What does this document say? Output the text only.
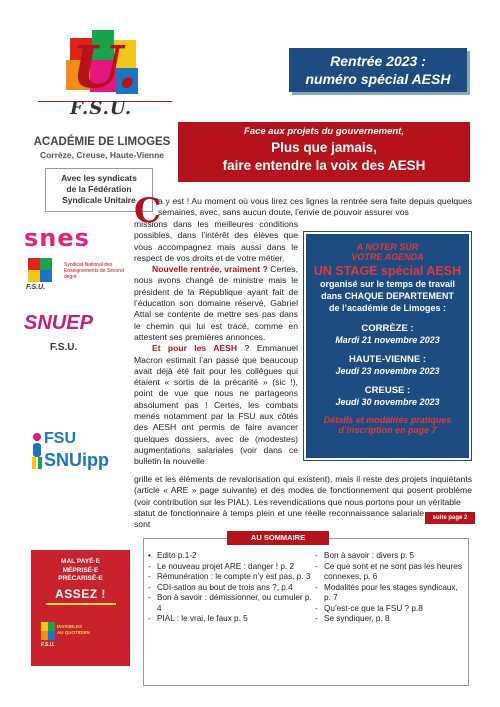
U.
F.S.U.
Rentrée 2023 :
numéro spécial AESH
ACADÉMIE DE LIMOGES
Corrèze, Creuse, Haute-Vienne
Avec les syndicats
de la Fédération
Syndicale Unitaire
snes
Syndicat National des Enseignements de Second degré
F.S.U.
SNUEP
F.S.U.
FSU
SNUipp
Face aux projets du gouvernement,
Plus que jamais,
faire entendre la voix des AESH
C
a y est ! Au moment où vous lirez ces lignes la rentrée sera faite depuis quelques semaines, avec, sans aucun doute, l’envie de pouvoir assurer vos
missions dans les meilleures conditions possibles, dans l’intérêt des élèves que vous accompagnez mais aussi dans le respect de vos droits et de votre métier.
Nouvelle rentrée, vraiment ? Certes, nous avons changé de ministre mais le président de la République ayant fait de l’éducation son domaine réservé, Gabriel Attal se contente de mettre ses pas dans le chemin qui lui est tracé, comme en attestent ses premières annonces.
Et pour les AESH ? Emmanuel Macron estimait l’an passé que beaucoup avait déjà été fait pour les collègues qui étaient « sortis de la précarité » (sic !), point de vue que nous ne partageons absolument pas ! Certes, les combats menés notamment par la FSU aux côtés des AESH ont permis de faire avancer quelques dossiers, avec de (modestes) augmentations salariales (voir dans ce bulletin la nouvelle
grille et les éléments de revalorisation qui existent), mais il reste des projets inquiétants (article « ARE » page suivante) et des modes de fonctionnement qui posent problème (voir contribution sur les PIAL). Les revendications que nous portons pour un véritable
statut de fonctionnaire à temps plein et une réelle reconnaissance salariale sont
suite page 2
A NOTER SUR
VOTRE AGENDA
UN STAGE spécial AESH
organisé sur le temps de travail
dans CHAQUE DEPARTEMENT
de l’académie de Limoges :
CORRÈZE :
Mardi 21 novembre 2023
HAUTE-VIENNE :
Jeudi 23 novembre 2023
CREUSE :
Jeudi 30 novembre 2023
Détails et modalités pratiques
d’inscription en page 7
MAL PAYÉ·E
MÉPRISÉ·E
PRÉCARISÉ·E
ASSEZ !
INVISIBLES
AU QUOTIDIEN
F.S.U.
• Edito p.1-2
- Le nouveau projet ARE : danger ! p. 2
- Rémunération : le compte n’y est pas, p. 3
- CDI-sation au bout de trois ans ?, p.4
- Bon à savoir : démissionner, ou cumuler p. 4
- PIAL : le vrai, le faux p. 5
- Bon à savoir : divers p. 5
- Ce que sont et ne sont pas les heures connexes, p. 6
- Modalités pour les stages syndicaux, p. 7
- Qu’est-ce que la FSU ? p.8
- Se syndiquer, p. 8
AU SOMMAIRE
